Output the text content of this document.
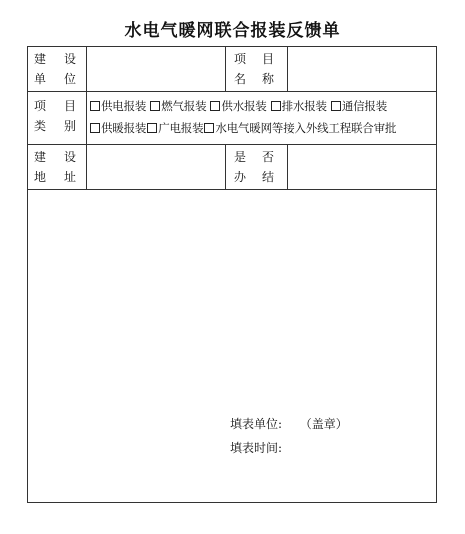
水电气暖网联合报装反馈单
建 设
单 位
项 目
名 称
项 目
类 别
供电报装 燃气报装 供水报装 排水报装 通信报装
供暖报装 广电报装 水电气暖网等接入外线工程联合审批
建 设
地 址
是 否
办 结
填表单位: （盖章）
填表时间:
